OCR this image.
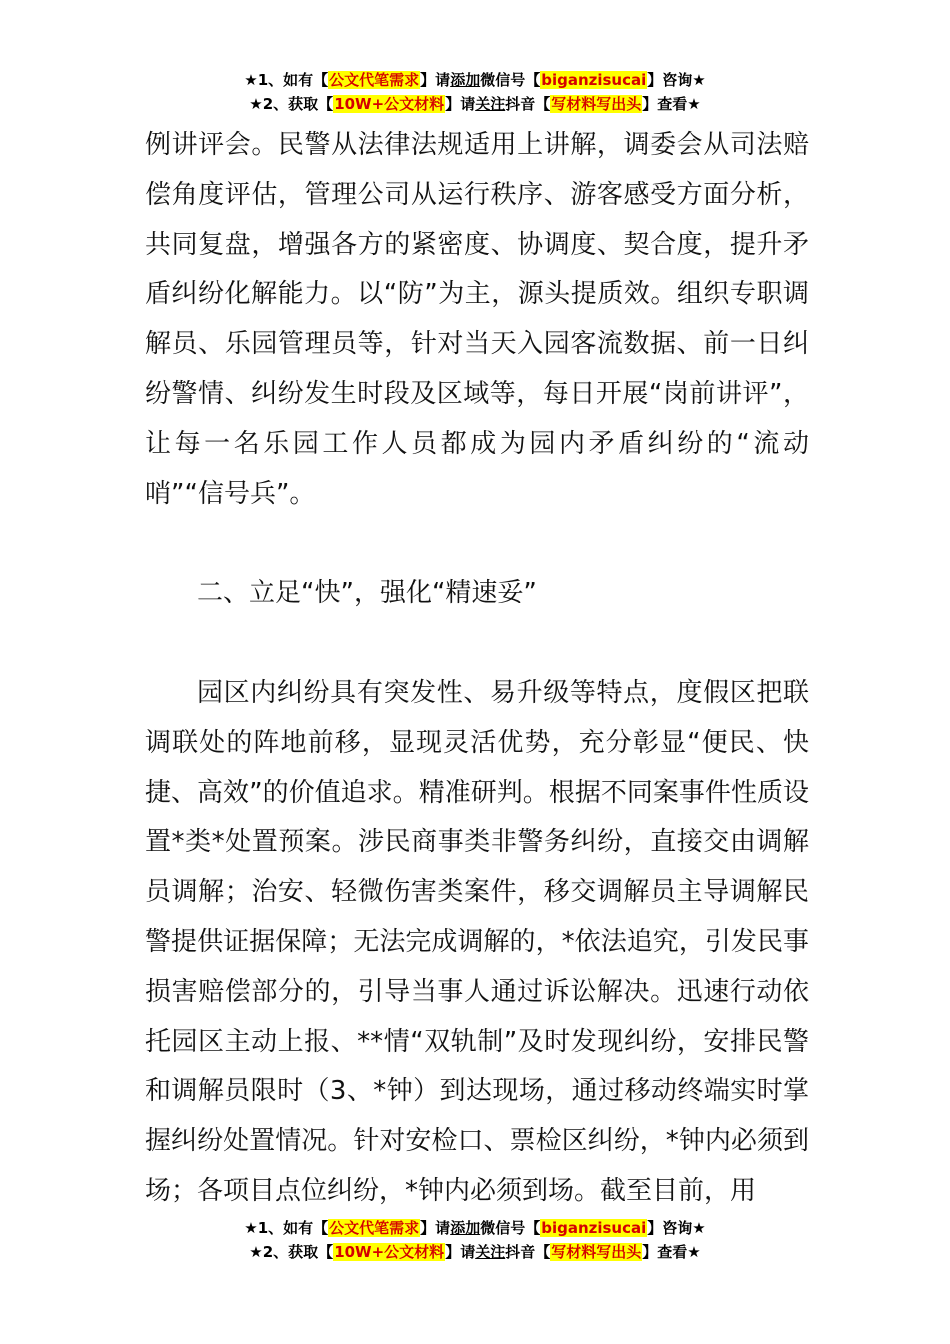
★1、如有【公文代笔需求】请添加微信号【biganzisucai】咨询★
★2、获取【10W+公文材料】请关注抖音【写材料写出头】查看★

例讲评会。民警从法律法规适用上讲解，调委会从司法赔偿角度评估，管理公司从运行秩序、游客感受方面分析，共同复盘，增强各方的紧密度、协调度、契合度，提升矛盾纠纷化解能力。以“防”为主，源头提质效。组织专职调解员、乐园管理员等，针对当天入园客流数据、前一日纠纷警情、纠纷发生时段及区域等，每日开展“岗前讲评”，让每一名乐园工作人员都成为园内矛盾纠纷的“流动哨”“信号兵”。

二、立足“快”，强化“精速妥”

园区内纠纷具有突发性、易升级等特点，度假区把联调联处的阵地前移，显现灵活优势，充分彰显“便民、快捷、高效”的价值追求。精准研判。根据不同案事件性质设置*类*处置预案。涉民商事类非警务纠纷，直接交由调解员调解；治安、轻微伤害类案件，移交调解员主导调解民警提供证据保障；无法完成调解的，*依法追究，引发民事损害赔偿部分的，引导当事人通过诉讼解决。迅速行动依托园区主动上报、**情“双轨制”及时发现纠纷，安排民警和调解员限时（3、*钟）到达现场，通过移动终端实时掌握纠纷处置情况。针对安检口、票检区纠纷，*钟内必须到场；各项目点位纠纷，*钟内必须到场。截至目前，用

★1、如有【公文代笔需求】请添加微信号【biganzisucai】咨询★
★2、获取【10W+公文材料】请关注抖音【写材料写出头】查看★
